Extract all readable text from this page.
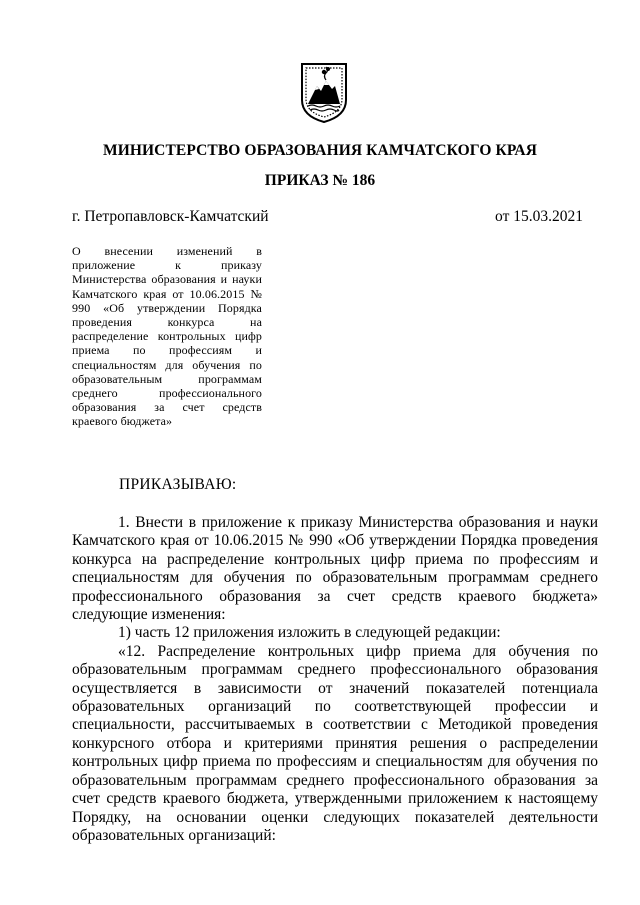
МИНИСТЕРСТВО ОБРАЗОВАНИЯ КАМЧАТСКОГО КРАЯ
ПРИКАЗ № 186
г. Петропавловск-Камчатский	от 15.03.2021

О внесении изменений в приложение к приказу Министерства образования и науки Камчатского края от 10.06.2015 № 990 «Об утверждении Порядка проведения конкурса на распределение контрольных цифр приема по профессиям и специальностям для обучения по образовательным программам среднего профессионального образования за счет средств краевого бюджета»

ПРИКАЗЫВАЮ:

1. Внести в приложение к приказу Министерства образования и науки Камчатского края от 10.06.2015 № 990 «Об утверждении Порядка проведения конкурса на распределение контрольных цифр приема по профессиям и специальностям для обучения по образовательным программам среднего профессионального образования за счет средств краевого бюджета» следующие изменения:

1) часть 12 приложения изложить в следующей редакции:

«12. Распределение контрольных цифр приема для обучения по образовательным программам среднего профессионального образования осуществляется в зависимости от значений показателей потенциала образовательных организаций по соответствующей профессии и специальности, рассчитываемых в соответствии с Методикой проведения конкурсного отбора и критериями принятия решения о распределении контрольных цифр приема по профессиям и специальностям для обучения по образовательным программам среднего профессионального образования за счет средств краевого бюджета, утвержденными приложением к настоящему Порядку, на основании оценки следующих показателей деятельности образовательных организаций:
